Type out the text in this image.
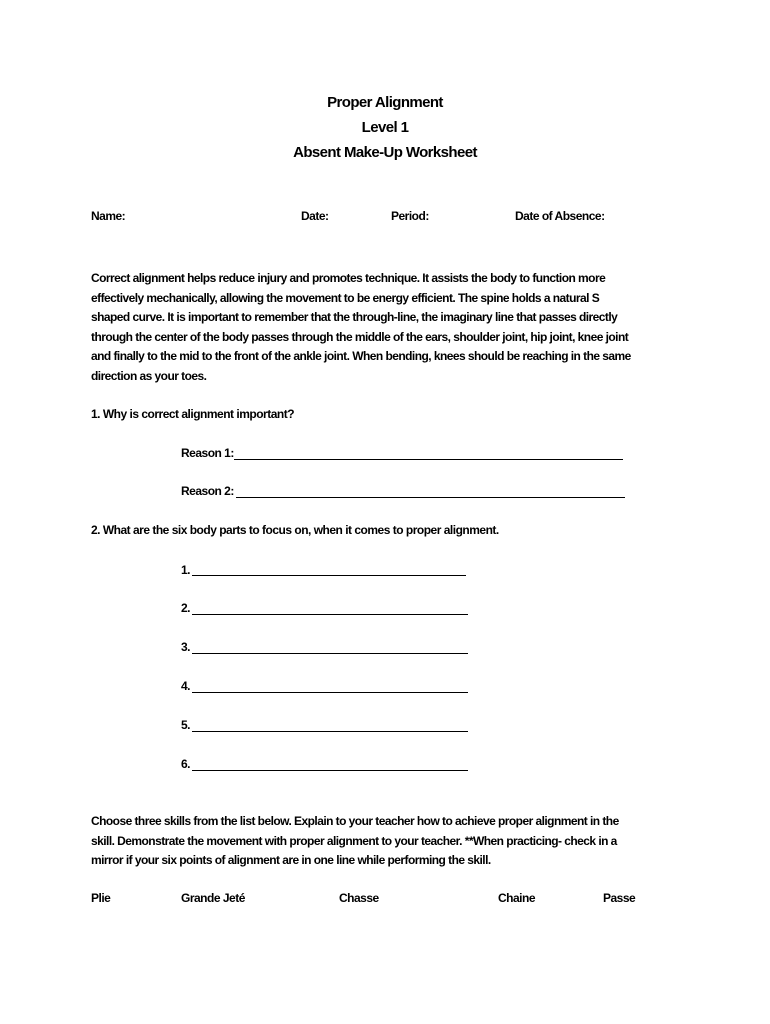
Proper Alignment
Level 1
Absent Make-Up Worksheet
Name:	Date:	Period:	Date of Absence:
Correct alignment helps reduce injury and promotes technique. It assists the body to function more
effectively mechanically, allowing the movement to be energy efficient. The spine holds a natural S
shaped curve. It is important to remember that the through-line, the imaginary line that passes directly
through the center of the body passes through the middle of the ears, shoulder joint, hip joint, knee joint
and finally to the mid to the front of the ankle joint. When bending, knees should be reaching in the same
direction as your toes.
1. Why is correct alignment important?
Reason 1:
Reason 2:
2. What are the six body parts to focus on, when it comes to proper alignment.
1.
2.
3.
4.
5.
6.
Choose three skills from the list below. Explain to your teacher how to achieve proper alignment in the
skill. Demonstrate the movement with proper alignment to your teacher. **When practicing- check in a
mirror if your six points of alignment are in one line while performing the skill.
Plie	Grande Jeté	Chasse	Chaine	Passe
